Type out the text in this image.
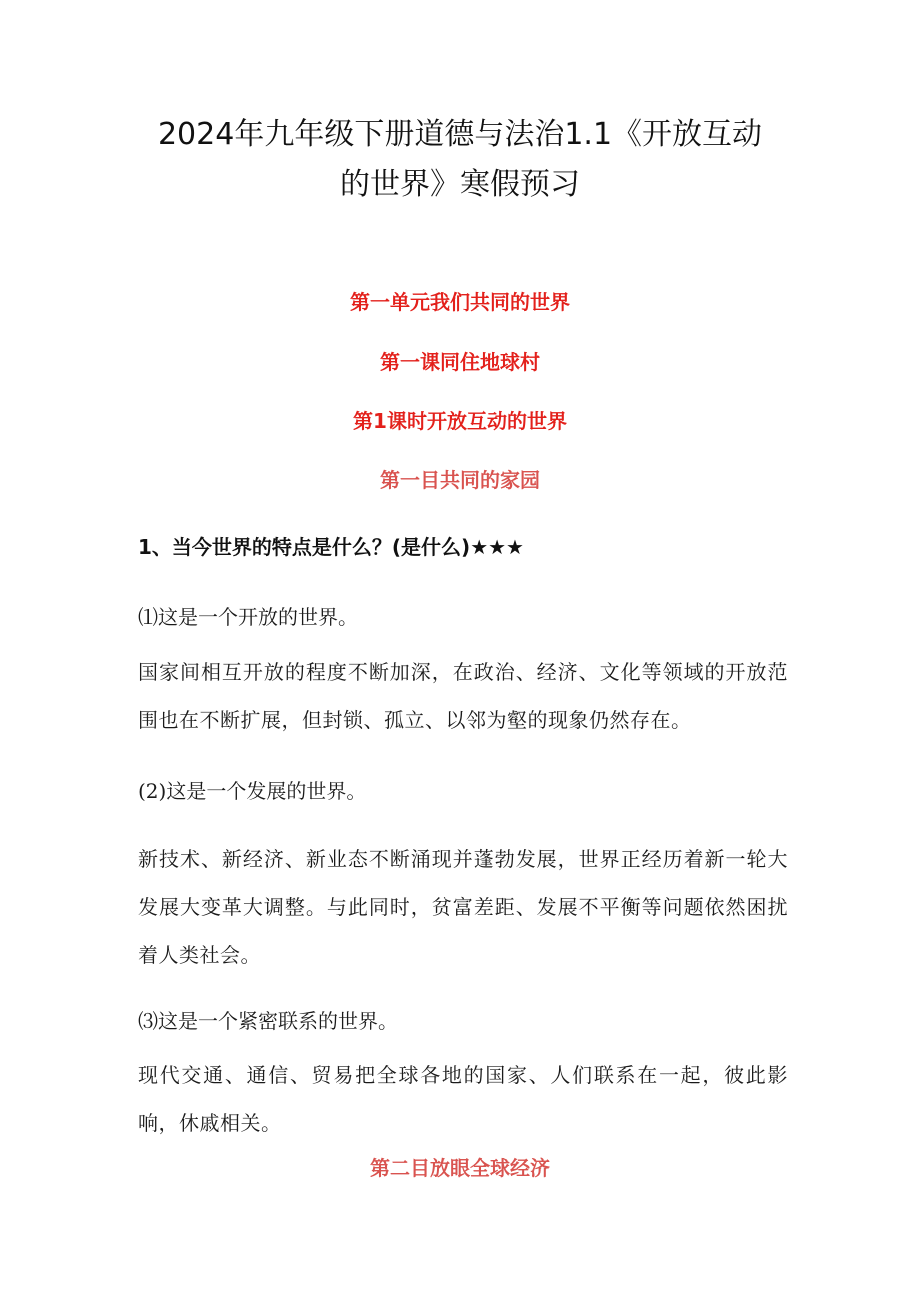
2024年九年级下册道德与法治1.1《开放互动
的世界》寒假预习
第一单元我们共同的世界
第一课同住地球村
第1课时开放互动的世界
第一目共同的家园

1、当今世界的特点是什么？(是什么)★★★

⑴这是一个开放的世界。

国家间相互开放的程度不断加深，在政治、经济、文化等领域的开放范围也在不断扩展，但封锁、孤立、以邻为壑的现象仍然存在。

(2)这是一个发展的世界。

新技术、新经济、新业态不断涌现并蓬勃发展，世界正经历着新一轮大发展大变革大调整。与此同时，贫富差距、发展不平衡等问题依然困扰着人类社会。

⑶这是一个紧密联系的世界。

现代交通、通信、贸易把全球各地的国家、人们联系在一起，彼此影响，休戚相关。

第二目放眼全球经济
